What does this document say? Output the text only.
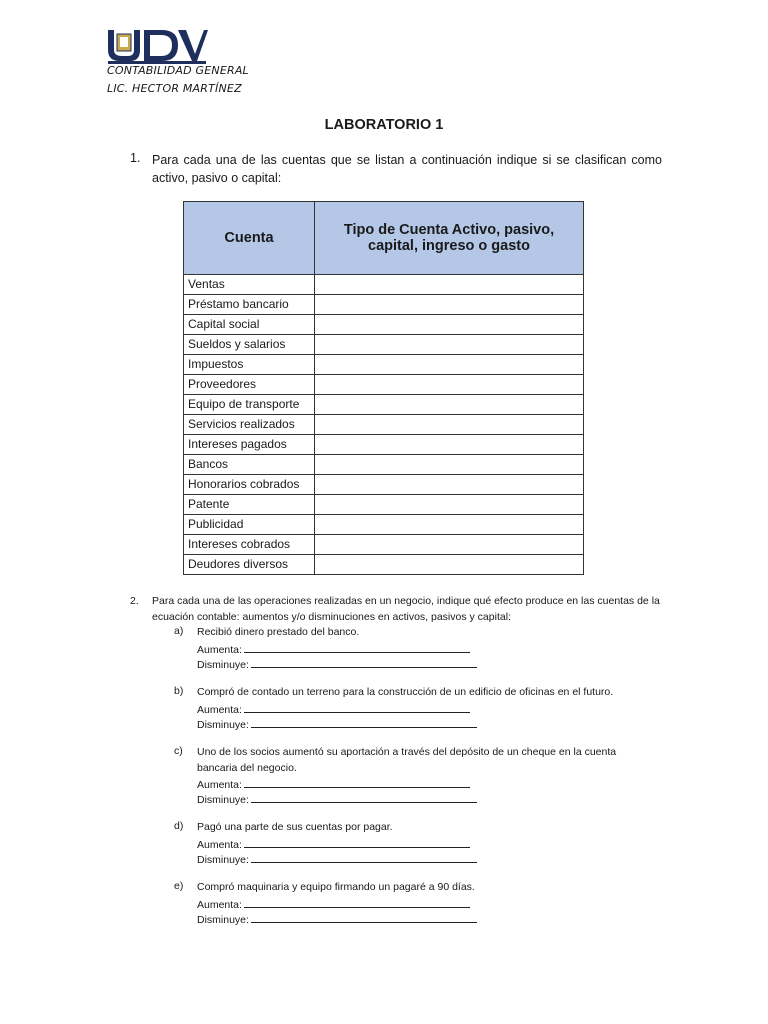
CONTABILIDAD GENERAL
LIC. HECTOR MARTÍNEZ
LABORATORIO 1
1. Para cada una de las cuentas que se listan a continuación indique si se clasifican como activo, pasivo o capital:
Cuenta	Tipo de Cuenta Activo, pasivo, capital, ingreso o gasto
Ventas	
Préstamo bancario	
Capital social	
Sueldos y salarios	
Impuestos	
Proveedores	
Equipo de transporte	
Servicios realizados	
Intereses pagados	
Bancos	
Honorarios cobrados	
Patente	
Publicidad	
Intereses cobrados	
Deudores diversos	
2. Para cada una de las operaciones realizadas en un negocio, indique qué efecto produce en las cuentas de la ecuación contable: aumentos y/o disminuciones en activos, pasivos y capital:
a) Recibió dinero prestado del banco.
Aumenta:
Disminuye:
b) Compró de contado un terreno para la construcción de un edificio de oficinas en el futuro.
Aumenta:
Disminuye:
c) Uno de los socios aumentó su aportación a través del depósito de un cheque en la cuenta bancaria del negocio.
Aumenta:
Disminuye:
d) Pagó una parte de sus cuentas por pagar.
Aumenta:
Disminuye:
e) Compró maquinaria y equipo firmando un pagaré a 90 días.
Aumenta:
Disminuye:
